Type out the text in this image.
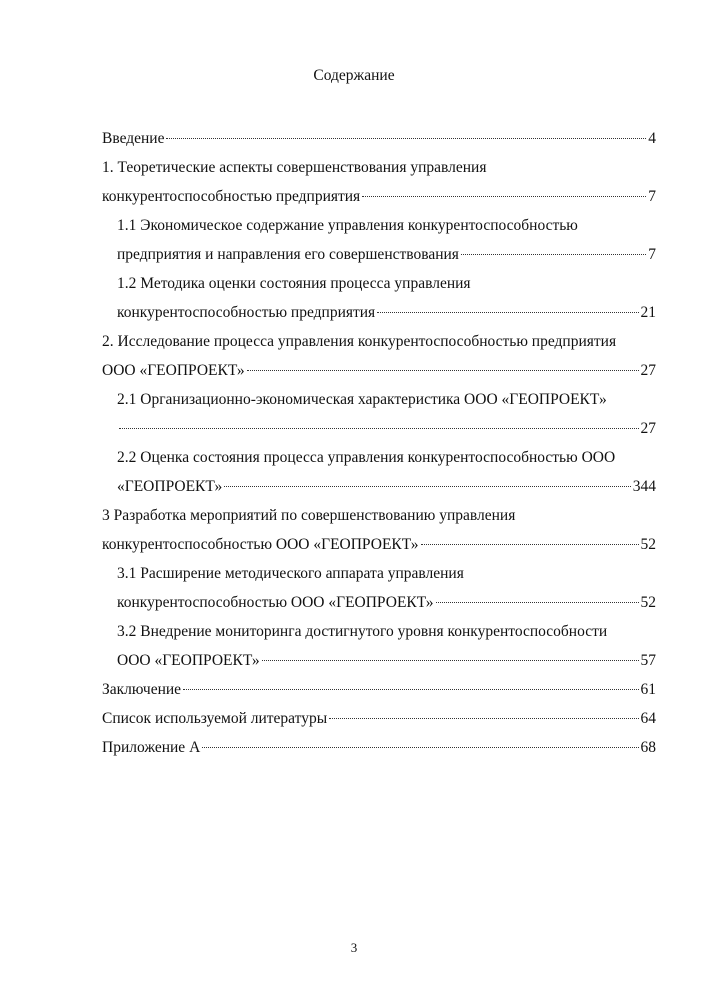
Содержание
Введение	4
1. Теоретические аспекты совершенствования управления
конкурентоспособностью предприятия	7
1.1 Экономическое содержание управления конкурентоспособностью
предприятия и направления его совершенствования	7
1.2 Методика оценки состояния процесса управления
конкурентоспособностью предприятия	21
2. Исследование процесса управления конкурентоспособностью предприятия
ООО «ГЕОПРОЕКТ»	27
2.1 Организационно-экономическая характеристика ООО «ГЕОПРОЕКТ»
27
2.2 Оценка состояния процесса управления конкурентоспособностью ООО
«ГЕОПРОЕКТ»	344
3 Разработка мероприятий по совершенствованию управления
конкурентоспособностью ООО «ГЕОПРОЕКТ»	52
3.1 Расширение методического аппарата управления
конкурентоспособностью ООО «ГЕОПРОЕКТ»	52
3.2 Внедрение мониторинга достигнутого уровня конкурентоспособности
ООО «ГЕОПРОЕКТ»	57
Заключение	61
Список используемой литературы	64
Приложение А	68
3
